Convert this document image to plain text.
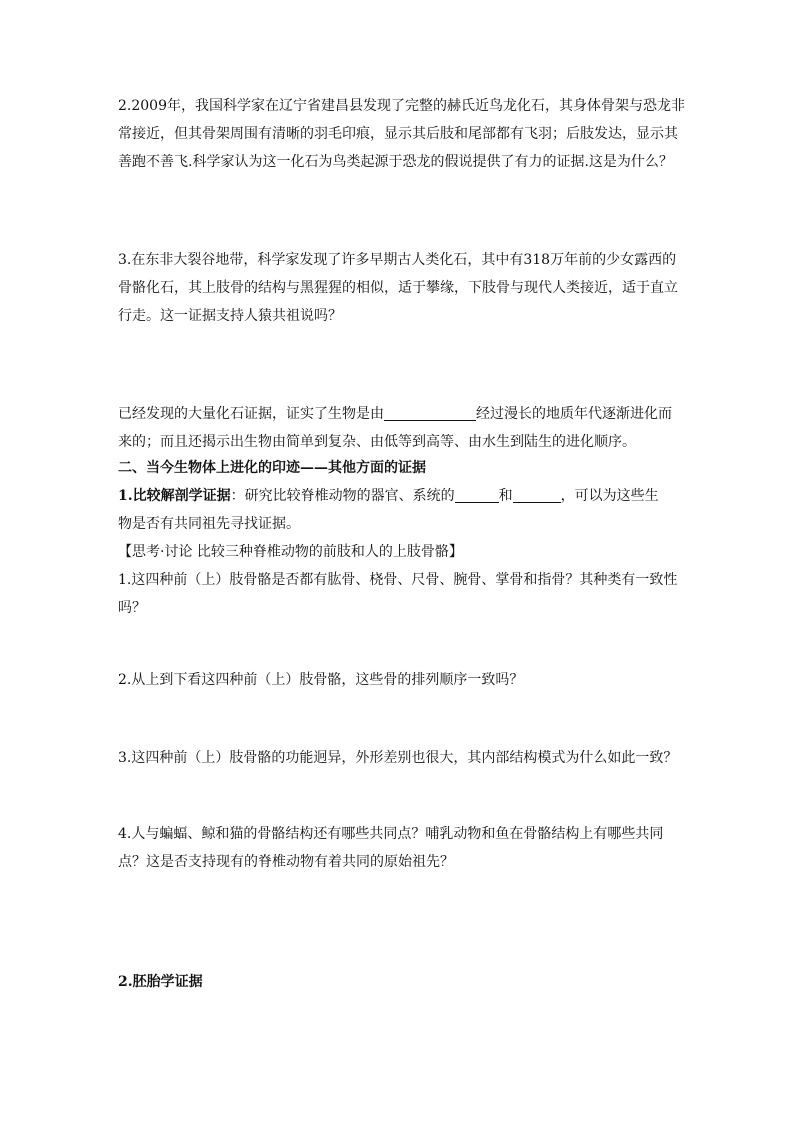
2.2009年，我国科学家在辽宁省建昌县发现了完整的赫氏近鸟龙化石，其身体骨架与恐龙非
常接近，但其骨架周围有清晰的羽毛印痕，显示其后肢和尾部都有飞羽；后肢发达，显示其
善跑不善飞.科学家认为这一化石为鸟类起源于恐龙的假说提供了有力的证据.这是为什么？
3.在东非大裂谷地带，科学家发现了许多早期古人类化石，其中有318万年前的少女露西的
骨骼化石，其上肢骨的结构与黑猩猩的相似，适于攀缘，下肢骨与现代人类接近，适于直立
行走。这一证据支持人猿共祖说吗？
已经发现的大量化石证据，证实了生物是由	经过漫长的地质年代逐渐进化而
来的；而且还揭示出生物由简单到复杂、由低等到高等、由水生到陆生的进化顺序。
二、当今生物体上进化的印迹——其他方面的证据
1.比较解剖学证据：研究比较脊椎动物的器官、系统的	和	，可以为这些生
物是否有共同祖先寻找证据。
【思考·讨论 比较三种脊椎动物的前肢和人的上肢骨骼】
1.这四种前（上）肢骨骼是否都有肱骨、桡骨、尺骨、腕骨、掌骨和指骨？其种类有一致性
吗？
2.从上到下看这四种前（上）肢骨骼，这些骨的排列顺序一致吗？
3.这四种前（上）肢骨骼的功能迥异，外形差别也很大，其内部结构模式为什么如此一致？
4.人与蝙蝠、鲸和猫的骨骼结构还有哪些共同点？哺乳动物和鱼在骨骼结构上有哪些共同
点？这是否支持现有的脊椎动物有着共同的原始祖先？
2.胚胎学证据
